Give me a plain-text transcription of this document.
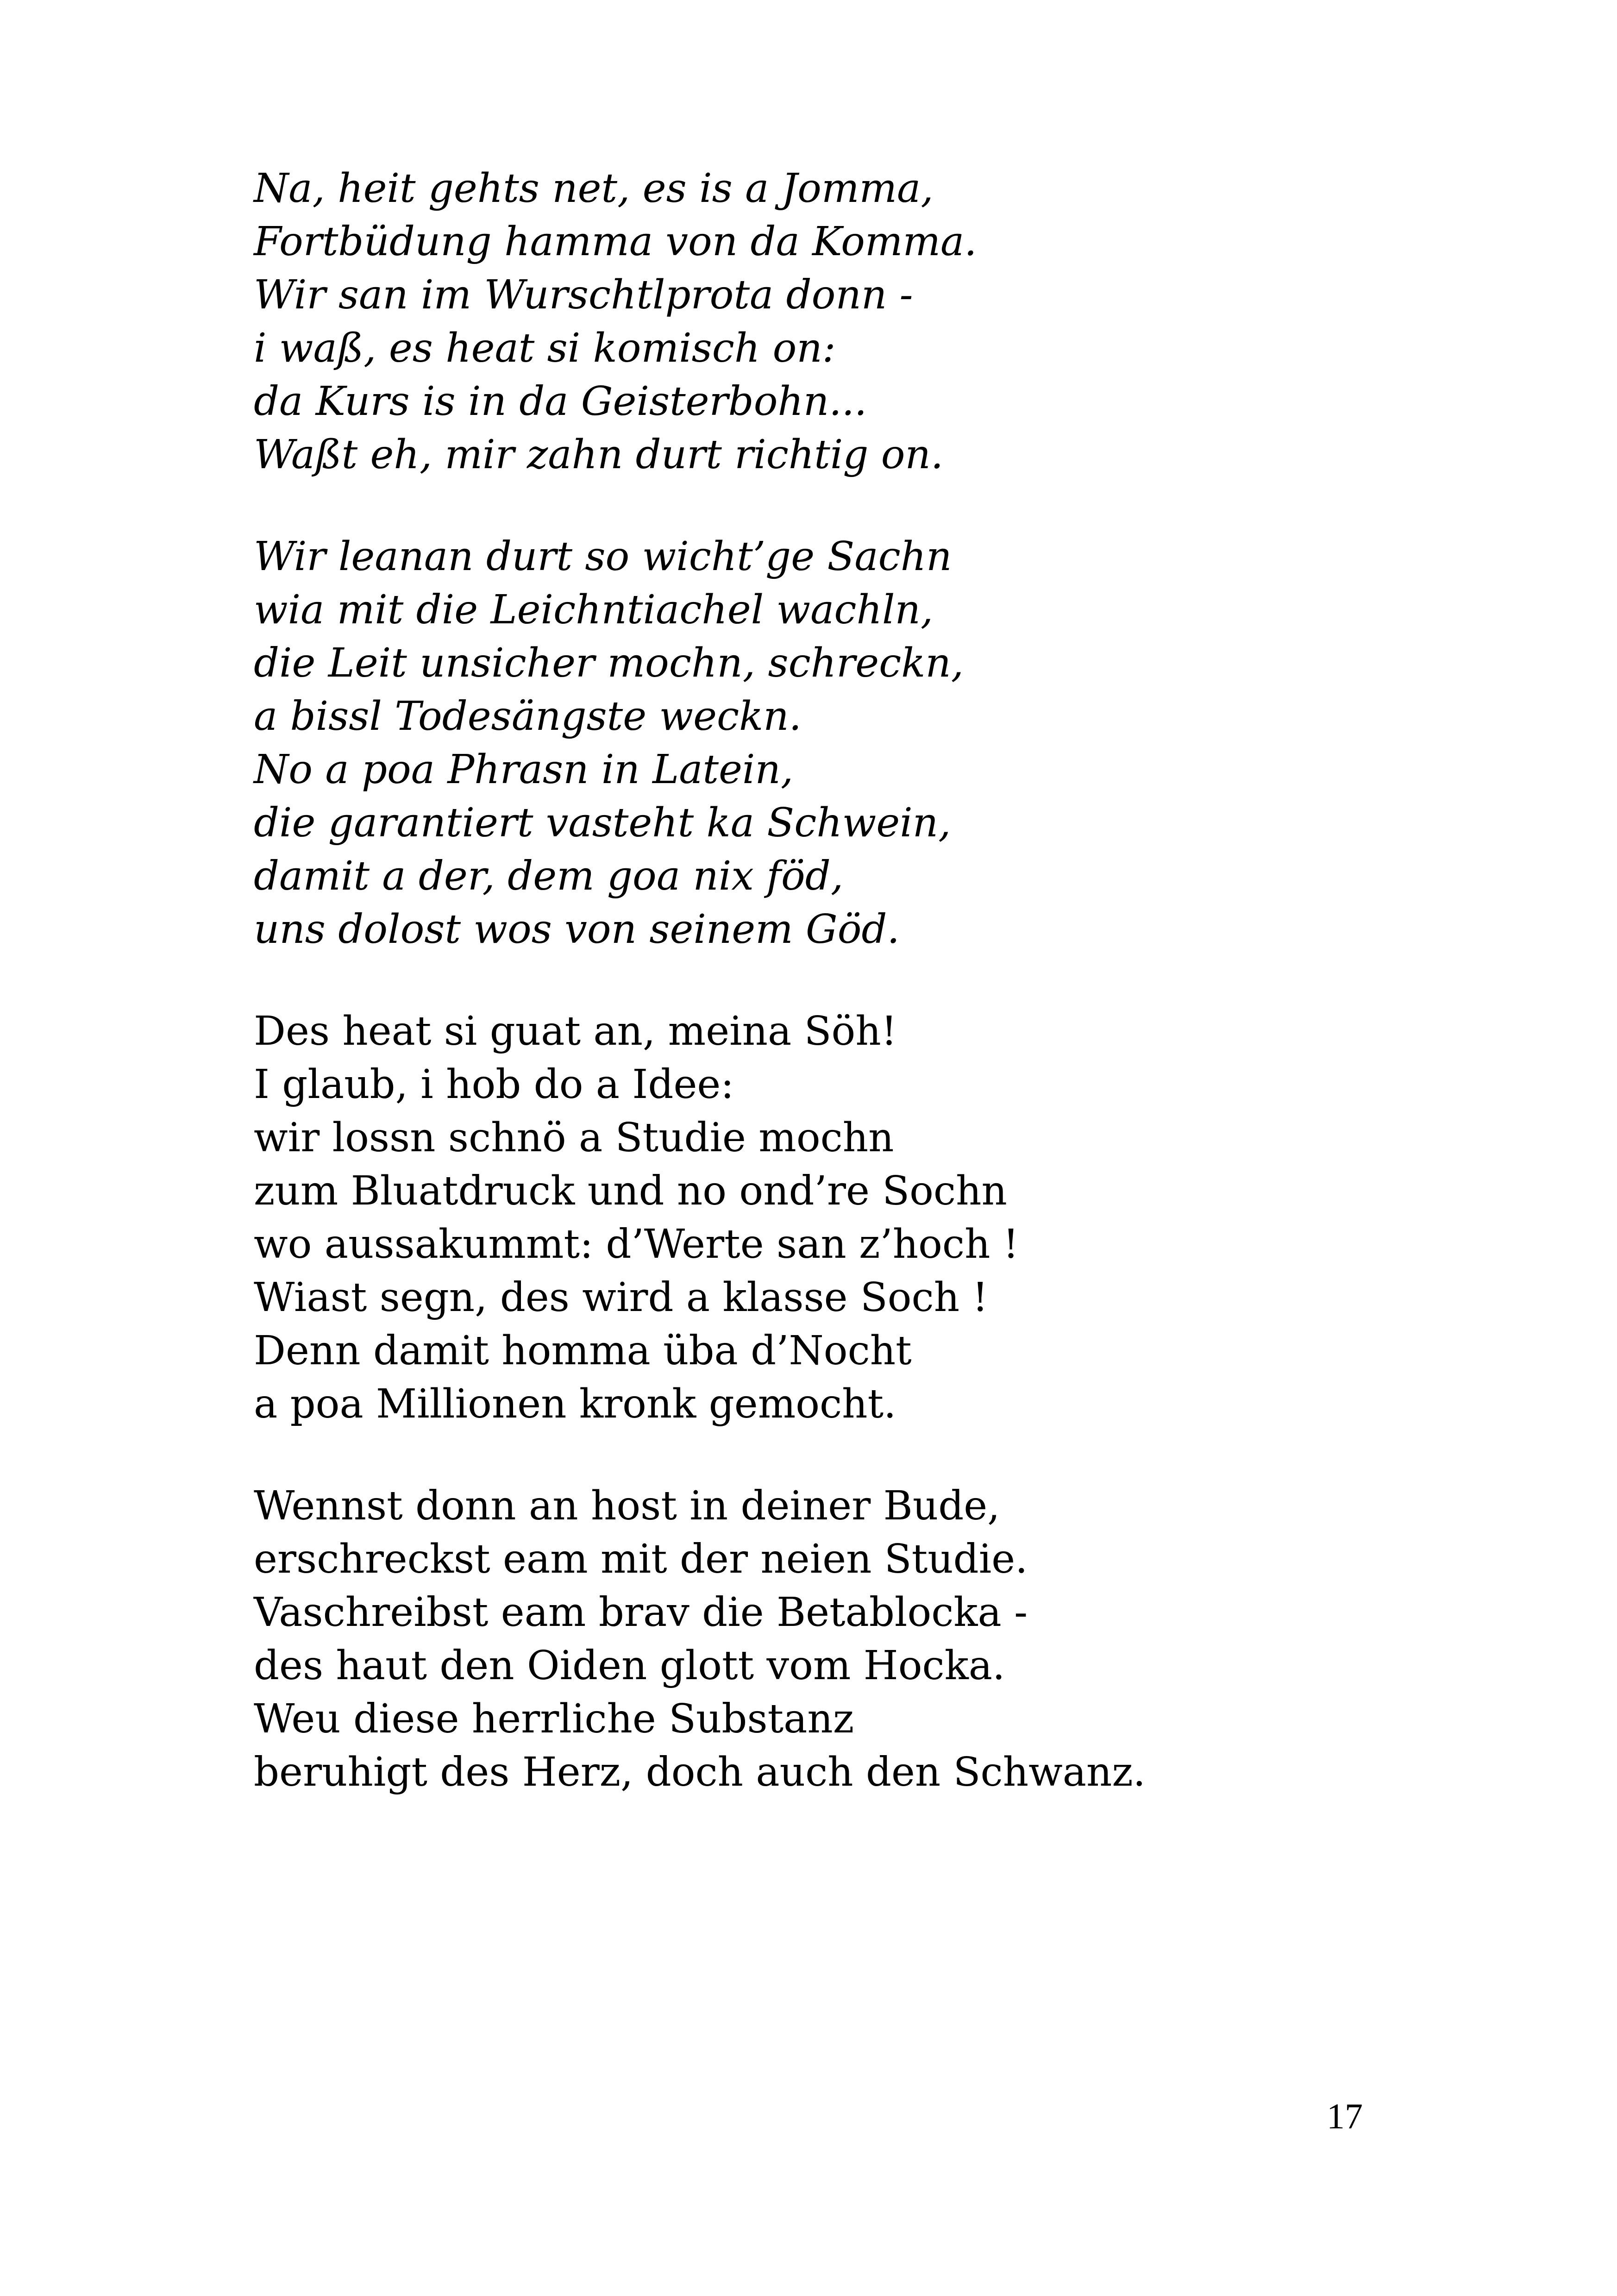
Na, heit gehts net, es is a Jomma,
Fortbüdung hamma von da Komma.
Wir san im Wurschtlprota donn -
i waß, es heat si komisch on:
da Kurs is in da Geisterbohn...
Waßt eh, mir zahn durt richtig on.
Wir leanan durt so wicht’ge Sachn
wia mit die Leichntiachel wachln,
die Leit unsicher mochn, schreckn,
a bissl Todesängste weckn.
No a poa Phrasn in Latein,
die garantiert vasteht ka Schwein,
damit a der, dem goa nix föd,
uns dolost wos von seinem Göd.
Des heat si guat an, meina Söh!
I glaub, i hob do a Idee:
wir lossn schnö a Studie mochn
zum Bluatdruck und no ond’re Sochn
wo aussakummt: d’Werte san z’hoch !
Wiast segn, des wird a klasse Soch !
Denn damit homma üba d’Nocht
a poa Millionen kronk gemocht.
Wennst donn an host in deiner Bude,
erschreckst eam mit der neien Studie.
Vaschreibst eam brav die Betablocka -
des haut den Oiden glott vom Hocka.
Weu diese herrliche Substanz
beruhigt des Herz, doch auch den Schwanz.
17
